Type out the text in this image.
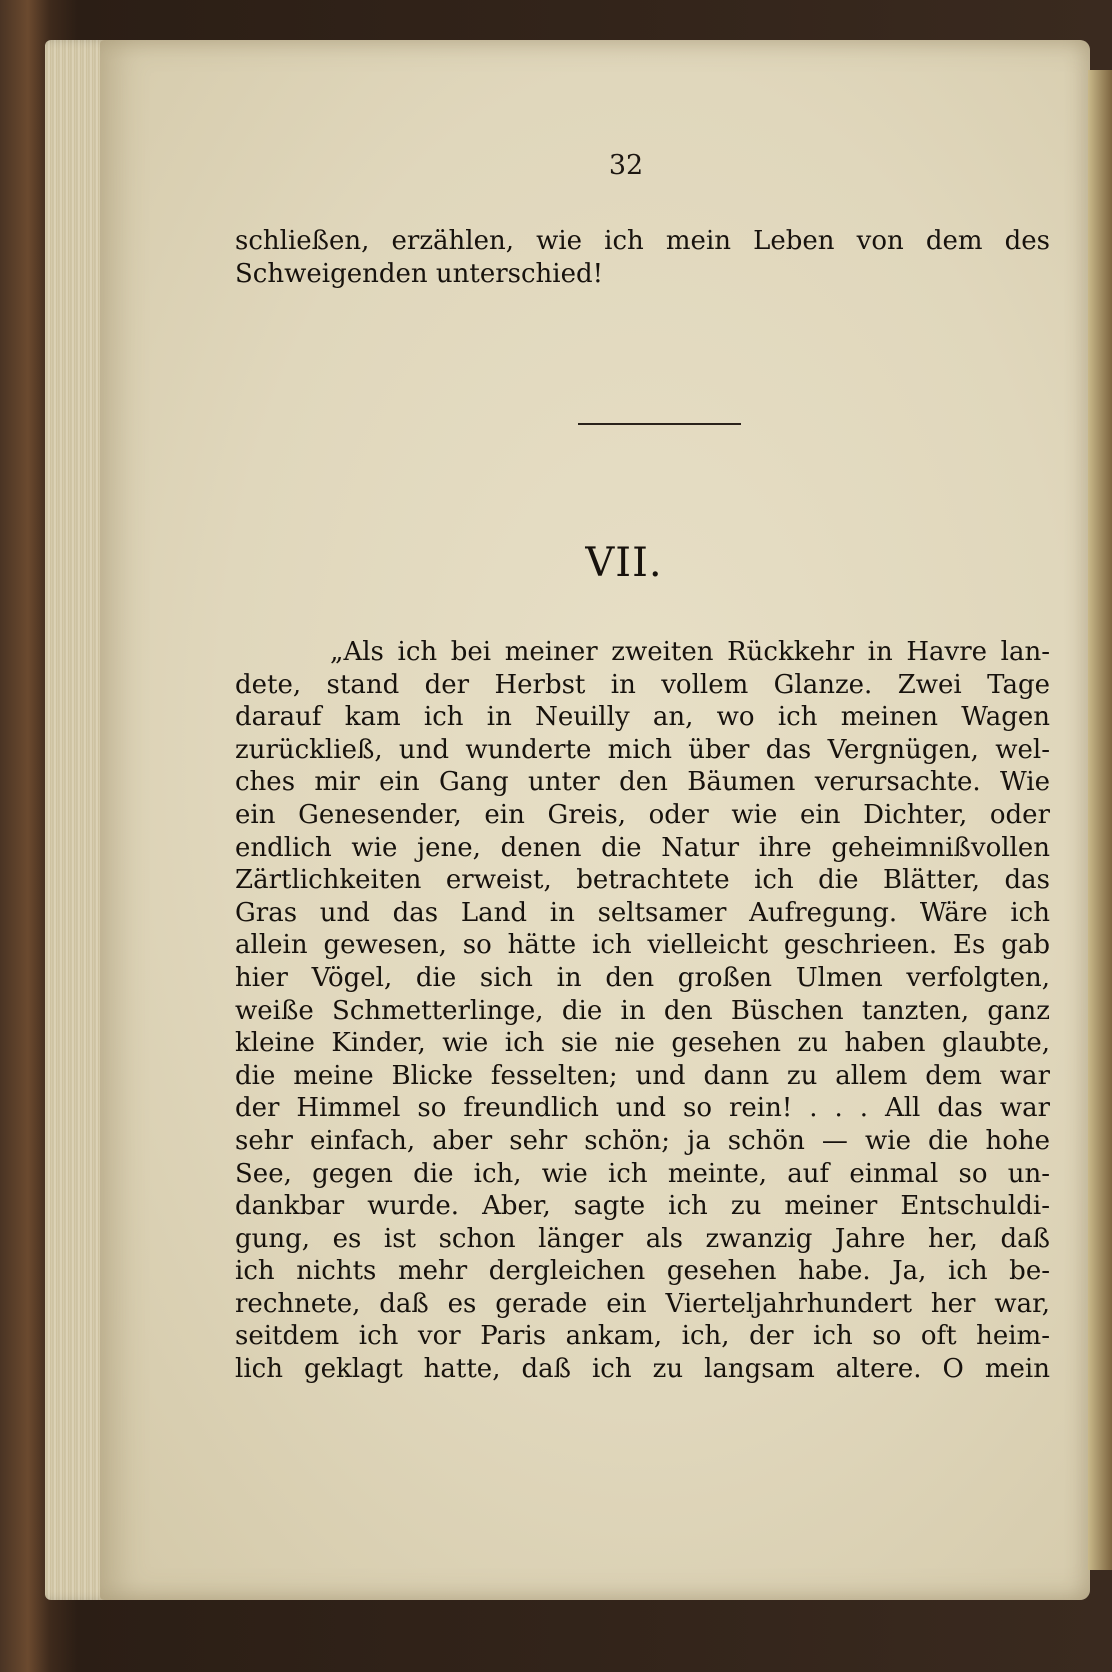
32
schließen, erzählen, wie ich mein Leben von dem des
Schweigenden unterschied!
VII.
„Als ich bei meiner zweiten Rückkehr in Havre lan-
dete, stand der Herbst in vollem Glanze. Zwei Tage
darauf kam ich in Neuilly an, wo ich meinen Wagen
zurückließ, und wunderte mich über das Vergnügen, wel-
ches mir ein Gang unter den Bäumen verursachte. Wie
ein Genesender, ein Greis, oder wie ein Dichter, oder
endlich wie jene, denen die Natur ihre geheimnißvollen
Zärtlichkeiten erweist, betrachtete ich die Blätter, das
Gras und das Land in seltsamer Aufregung. Wäre ich
allein gewesen, so hätte ich vielleicht geschrieen. Es gab
hier Vögel, die sich in den großen Ulmen verfolgten,
weiße Schmetterlinge, die in den Büschen tanzten, ganz
kleine Kinder, wie ich sie nie gesehen zu haben glaubte,
die meine Blicke fesselten; und dann zu allem dem war
der Himmel so freundlich und so rein! . . . All das war
sehr einfach, aber sehr schön; ja schön — wie die hohe
See, gegen die ich, wie ich meinte, auf einmal so un-
dankbar wurde. Aber, sagte ich zu meiner Entschuldi-
gung, es ist schon länger als zwanzig Jahre her, daß
ich nichts mehr dergleichen gesehen habe. Ja, ich be-
rechnete, daß es gerade ein Vierteljahrhundert her war,
seitdem ich vor Paris ankam, ich, der ich so oft heim-
lich geklagt hatte, daß ich zu langsam altere. O mein
